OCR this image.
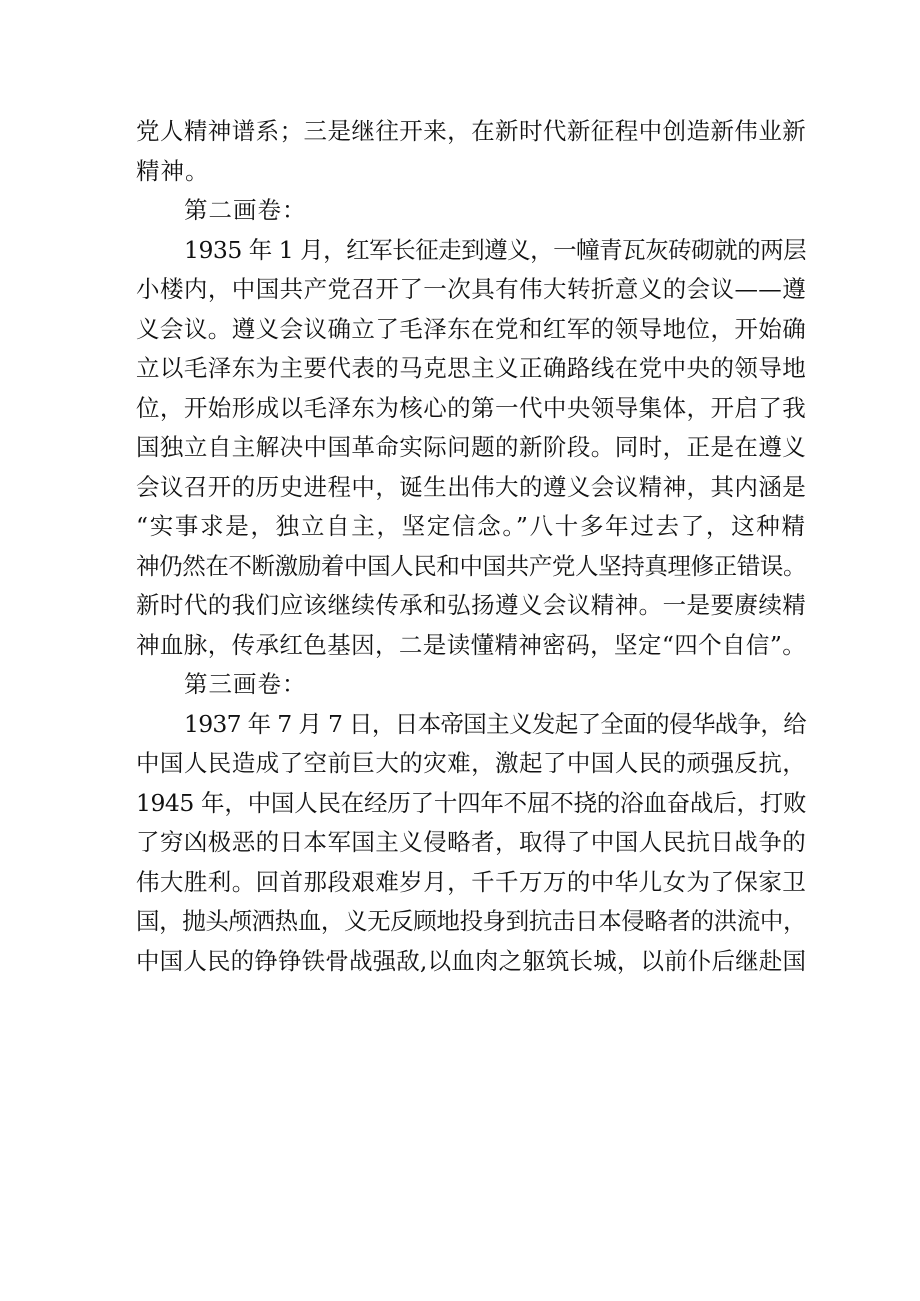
党人精神谱系；三是继往开来，在新时代新征程中创造新伟业新
精神。
第二画卷：
1935 年 1 月，红军长征走到遵义，一幢青瓦灰砖砌就的两层
小楼内，中国共产党召开了一次具有伟大转折意义的会议——遵
义会议。遵义会议确立了毛泽东在党和红军的领导地位，开始确
立以毛泽东为主要代表的马克思主义正确路线在党中央的领导地
位，开始形成以毛泽东为核心的第一代中央领导集体，开启了我
国独立自主解决中国革命实际问题的新阶段。同时，正是在遵义
会议召开的历史进程中，诞生出伟大的遵义会议精神，其内涵是
“实事求是，独立自主，坚定信念。”八十多年过去了，这种精
神仍然在不断激励着中国人民和中国共产党人坚持真理修正错误。
新时代的我们应该继续传承和弘扬遵义会议精神。一是要赓续精
神血脉，传承红色基因，二是读懂精神密码，坚定“四个自信”。
第三画卷：
1937 年 7 月 7 日，日本帝国主义发起了全面的侵华战争，给
中国人民造成了空前巨大的灾难，激起了中国人民的顽强反抗，
1945 年，中国人民在经历了十四年不屈不挠的浴血奋战后，打败
了穷凶极恶的日本军国主义侵略者，取得了中国人民抗日战争的
伟大胜利。回首那段艰难岁月，千千万万的中华儿女为了保家卫
国，抛头颅洒热血，义无反顾地投身到抗击日本侵略者的洪流中，
中国人民的铮铮铁骨战强敌,以血肉之躯筑长城，以前仆后继赴国
